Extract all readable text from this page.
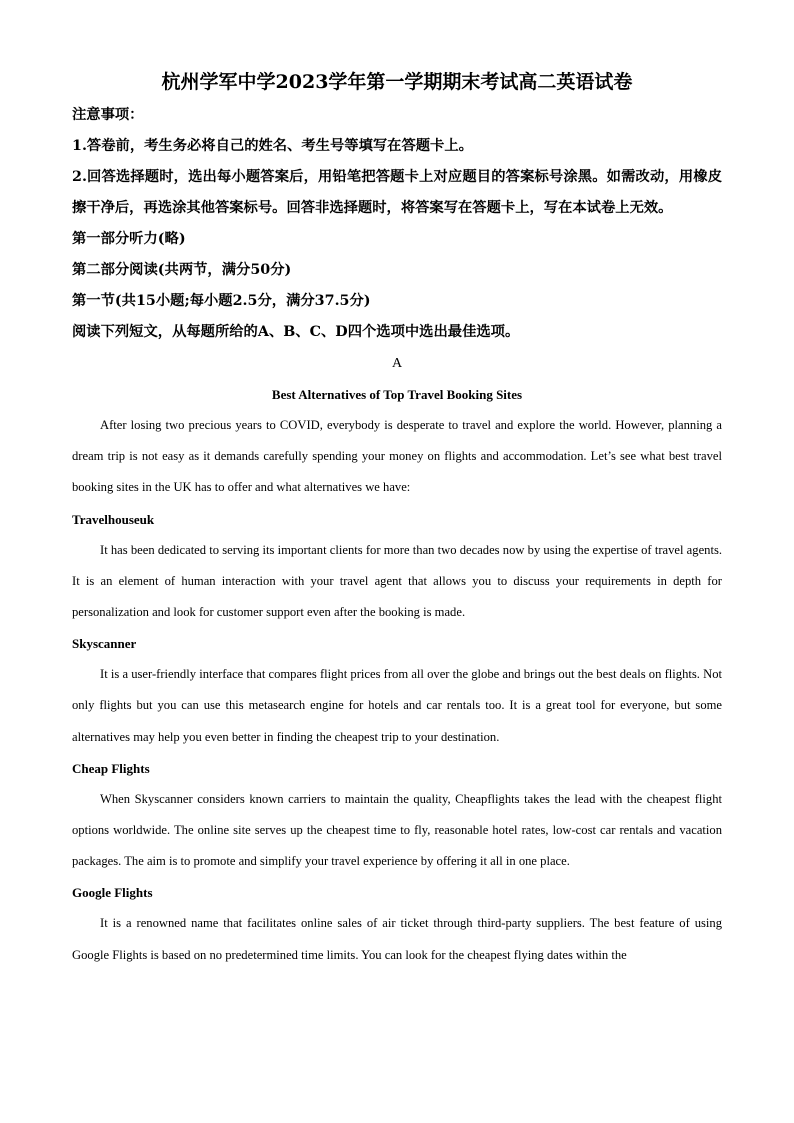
杭州学军中学2023学年第一学期期末考试高二英语试卷

注意事项：

1.答卷前，考生务必将自己的姓名、考生号等填写在答题卡上。

2.回答选择题时，选出每小题答案后，用铅笔把答题卡上对应题目的答案标号涂黑。如需改动，用橡皮擦干净后，再选涂其他答案标号。回答非选择题时，将答案写在答题卡上，写在本试卷上无效。

第一部分听力(略)

第二部分阅读(共两节，满分50分)

第一节(共15小题;每小题2.5分，满分37.5分)

阅读下列短文，从每题所给的A、B、C、D四个选项中选出最佳选项。

A

Best Alternatives of Top Travel Booking Sites

After losing two precious years to COVID, everybody is desperate to travel and explore the world. However, planning a dream trip is not easy as it demands carefully spending your money on flights and accommodation. Let’s see what best travel booking sites in the UK has to offer and what alternatives we have:

Travelhouseuk

It has been dedicated to serving its important clients for more than two decades now by using the expertise of travel agents. It is an element of human interaction with your travel agent that allows you to discuss your requirements in depth for personalization and look for customer support even after the booking is made.

Skyscanner

It is a user-friendly interface that compares flight prices from all over the globe and brings out the best deals on flights. Not only flights but you can use this metasearch engine for hotels and car rentals too. It is a great tool for everyone, but some alternatives may help you even better in finding the cheapest trip to your destination.

Cheap Flights

When Skyscanner considers known carriers to maintain the quality, Cheapflights takes the lead with the cheapest flight options worldwide. The online site serves up the cheapest time to fly, reasonable hotel rates, low-cost car rentals and vacation packages. The aim is to promote and simplify your travel experience by offering it all in one place.

Google Flights

It is a renowned name that facilitates online sales of air ticket through third-party suppliers. The best feature of using Google Flights is based on no predetermined time limits. You can look for the cheapest flying dates within the
